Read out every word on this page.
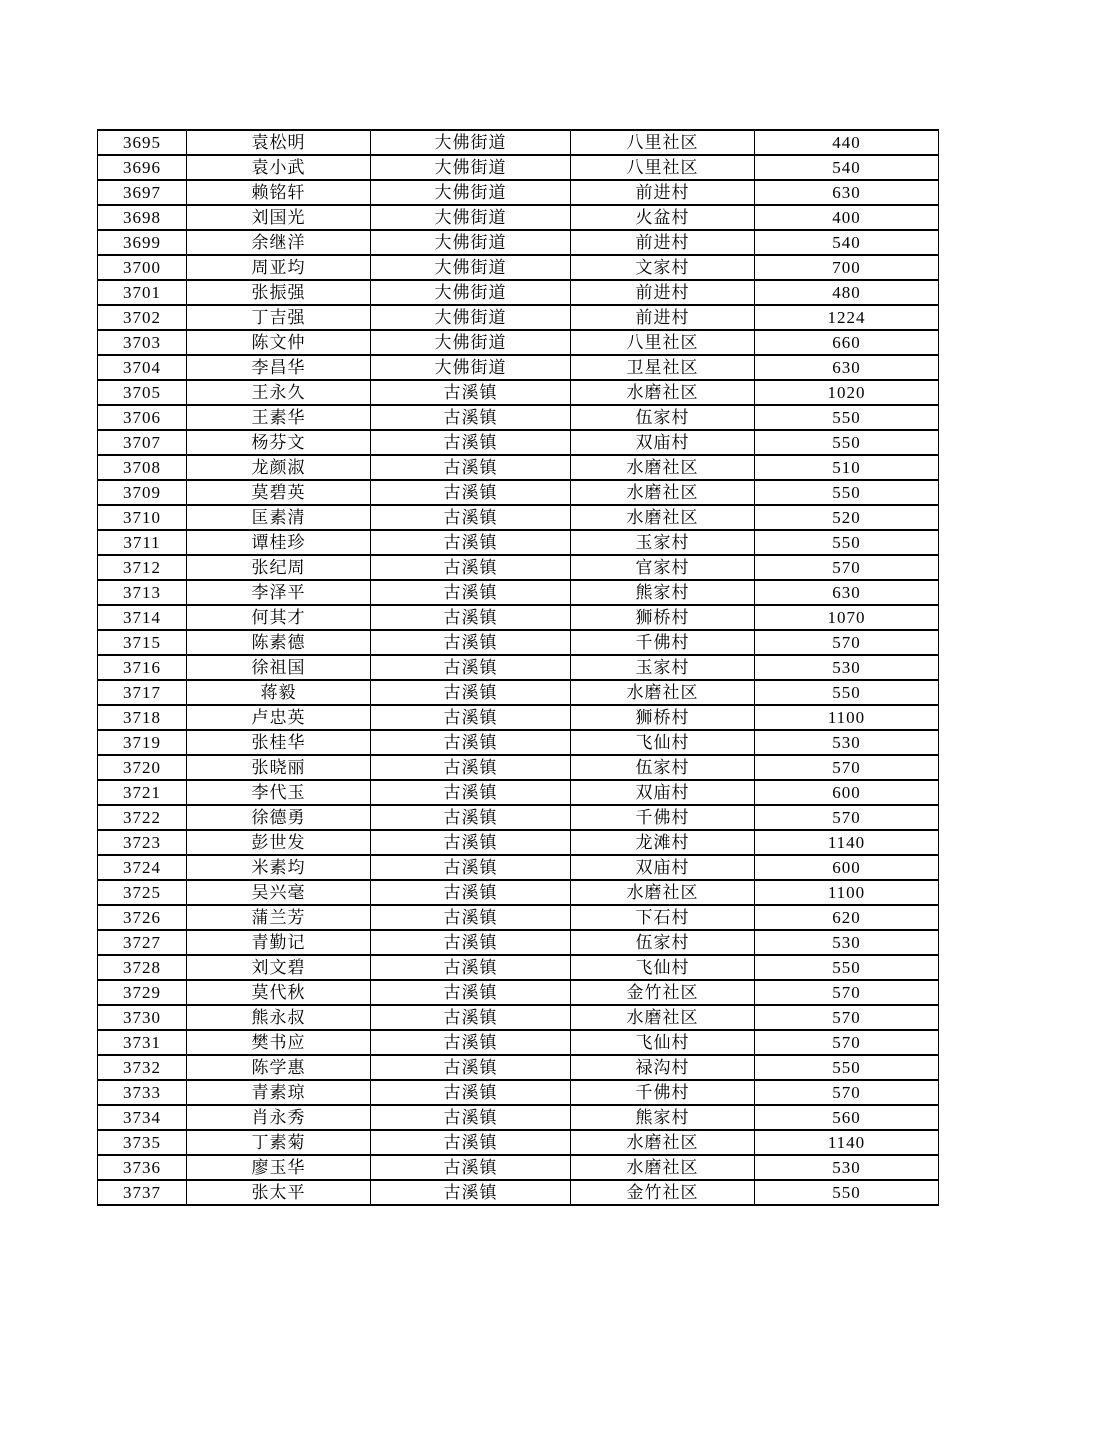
3695	袁松明	大佛街道	八里社区	440
3696	袁小武	大佛街道	八里社区	540
3697	赖铭轩	大佛街道	前进村	630
3698	刘国光	大佛街道	火盆村	400
3699	余继洋	大佛街道	前进村	540
3700	周亚均	大佛街道	文家村	700
3701	张振强	大佛街道	前进村	480
3702	丁吉强	大佛街道	前进村	1224
3703	陈文仲	大佛街道	八里社区	660
3704	李昌华	大佛街道	卫星社区	630
3705	王永久	古溪镇	水磨社区	1020
3706	王素华	古溪镇	伍家村	550
3707	杨芬文	古溪镇	双庙村	550
3708	龙颜淑	古溪镇	水磨社区	510
3709	莫碧英	古溪镇	水磨社区	550
3710	匡素清	古溪镇	水磨社区	520
3711	谭桂珍	古溪镇	玉家村	550
3712	张纪周	古溪镇	官家村	570
3713	李泽平	古溪镇	熊家村	630
3714	何其才	古溪镇	狮桥村	1070
3715	陈素德	古溪镇	千佛村	570
3716	徐祖国	古溪镇	玉家村	530
3717	蒋毅	古溪镇	水磨社区	550
3718	卢忠英	古溪镇	狮桥村	1100
3719	张桂华	古溪镇	飞仙村	530
3720	张晓丽	古溪镇	伍家村	570
3721	李代玉	古溪镇	双庙村	600
3722	徐德勇	古溪镇	千佛村	570
3723	彭世发	古溪镇	龙滩村	1140
3724	米素均	古溪镇	双庙村	600
3725	吴兴毫	古溪镇	水磨社区	1100
3726	蒲兰芳	古溪镇	下石村	620
3727	青勤记	古溪镇	伍家村	530
3728	刘文碧	古溪镇	飞仙村	550
3729	莫代秋	古溪镇	金竹社区	570
3730	熊永叔	古溪镇	水磨社区	570
3731	樊书应	古溪镇	飞仙村	570
3732	陈学惠	古溪镇	禄沟村	550
3733	青素琼	古溪镇	千佛村	570
3734	肖永秀	古溪镇	熊家村	560
3735	丁素菊	古溪镇	水磨社区	1140
3736	廖玉华	古溪镇	水磨社区	530
3737	张太平	古溪镇	金竹社区	550
